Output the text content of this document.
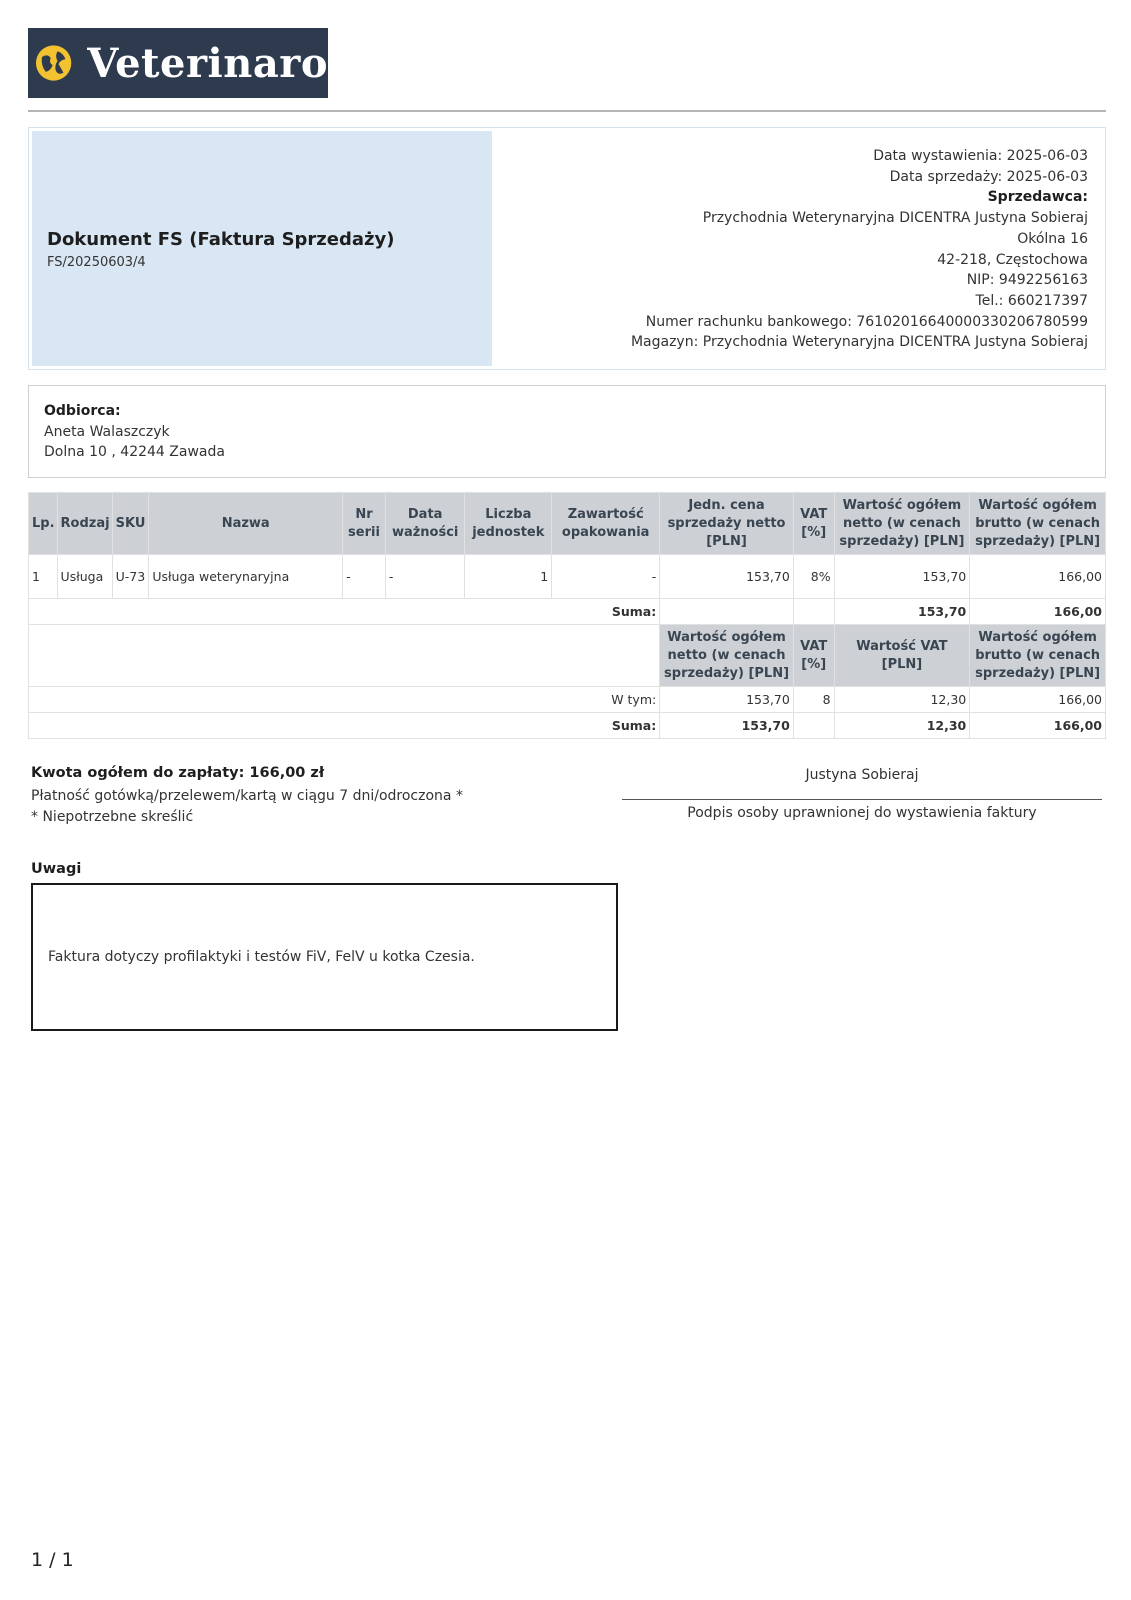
Veterinaro
Dokument FS (Faktura Sprzedaży)
FS/20250603/4
Data wystawienia: 2025-06-03
Data sprzedaży: 2025-06-03
Sprzedawca:
Przychodnia Weterynaryjna DICENTRA Justyna Sobieraj
Okólna 16
42-218, Częstochowa
NIP: 9492256163
Tel.: 660217397
Numer rachunku bankowego: 76102016640000330206780599
Magazyn: Przychodnia Weterynaryjna DICENTRA Justyna Sobieraj
Odbiorca:
Aneta Walaszczyk
Dolna 10 , 42244 Zawada
Lp.	Rodzaj	SKU	Nazwa	Nr serii	Data ważności	Liczba jednostek	Zawartość opakowania	Jedn. cena sprzedaży netto [PLN]	VAT [%]	Wartość ogółem netto (w cenach sprzedaży) [PLN]	Wartość ogółem brutto (w cenach sprzedaży) [PLN]
1	Usługa	U-73	Usługa weterynaryjna	-	-	1	-	153,70	8%	153,70	166,00
Suma:										153,70	166,00
								Wartość ogółem netto (w cenach sprzedaży) [PLN]	VAT [%]	Wartość VAT [PLN]	Wartość ogółem brutto (w cenach sprzedaży) [PLN]
W tym:								153,70	8	12,30	166,00
Suma:								153,70		12,30	166,00
Kwota ogółem do zapłaty: 166,00 zł
Płatność gotówką/przelewem/kartą w ciągu 7 dni/odroczona *
* Niepotrzebne skreślić
Justyna Sobieraj
Podpis osoby uprawnionej do wystawienia faktury
Uwagi
Faktura dotyczy profilaktyki i testów FiV, FelV u kotka Czesia.
1 / 1
